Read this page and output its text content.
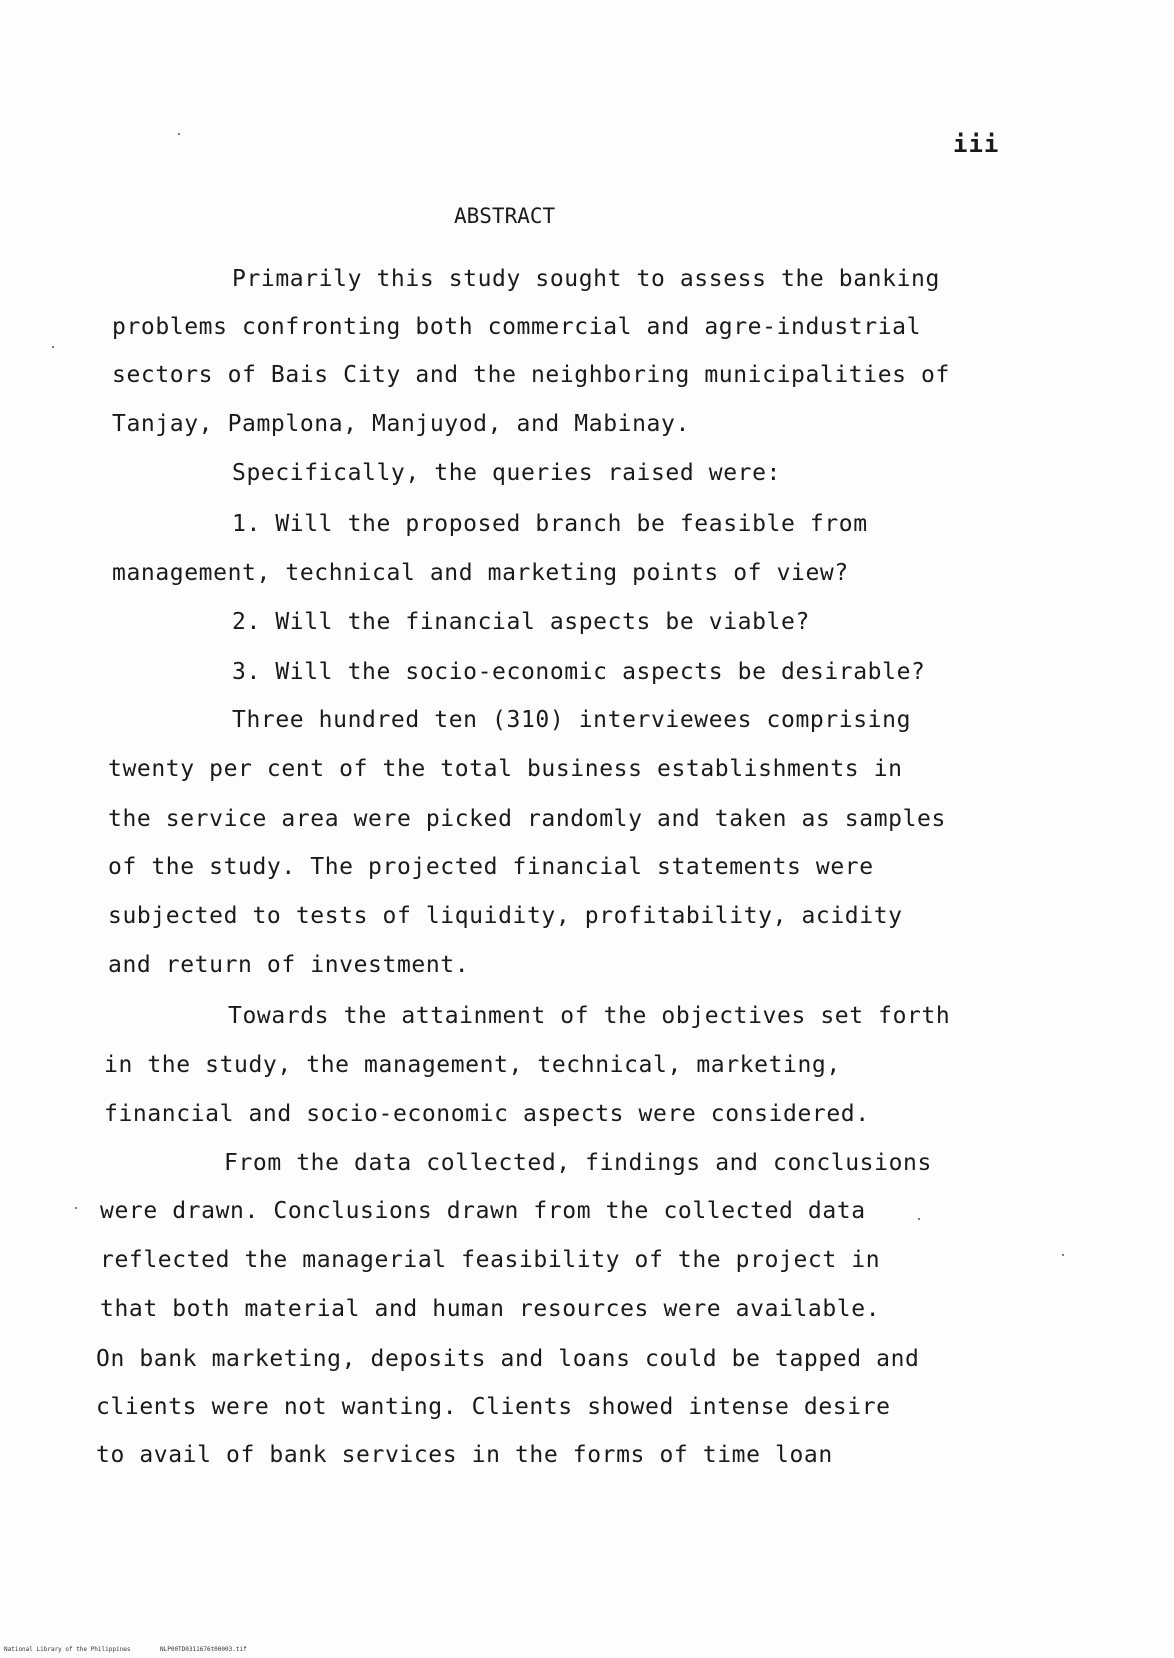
iii
ABSTRACT
Primarily this study sought to assess the banking
problems confronting both commercial and agre-industrial
sectors of Bais City and the neighboring municipalities of
Tanjay, Pamplona, Manjuyod, and Mabinay.
Specifically, the queries raised were:
1. Will the proposed branch be feasible from
management, technical and marketing points of view?
2. Will the financial aspects be viable?
3. Will the socio-economic aspects be desirable?
Three hundred ten (310) interviewees comprising
twenty per cent of the total business establishments in
the service area were picked randomly and taken as samples
of the study. The projected financial statements were
subjected to tests of liquidity, profitability, acidity
and return of investment.
Towards the attainment of the objectives set forth
in the study, the management, technical, marketing,
financial and socio-economic aspects were considered.
From the data collected, findings and conclusions
were drawn. Conclusions drawn from the collected data
reflected the managerial feasibility of the project in
that both material and human resources were available.
On bank marketing, deposits and loans could be tapped and
clients were not wanting. Clients showed intense desire
to avail of bank services in the forms of time loan
National Library of the Philippines	NLP00TD0311676t00003.tif
